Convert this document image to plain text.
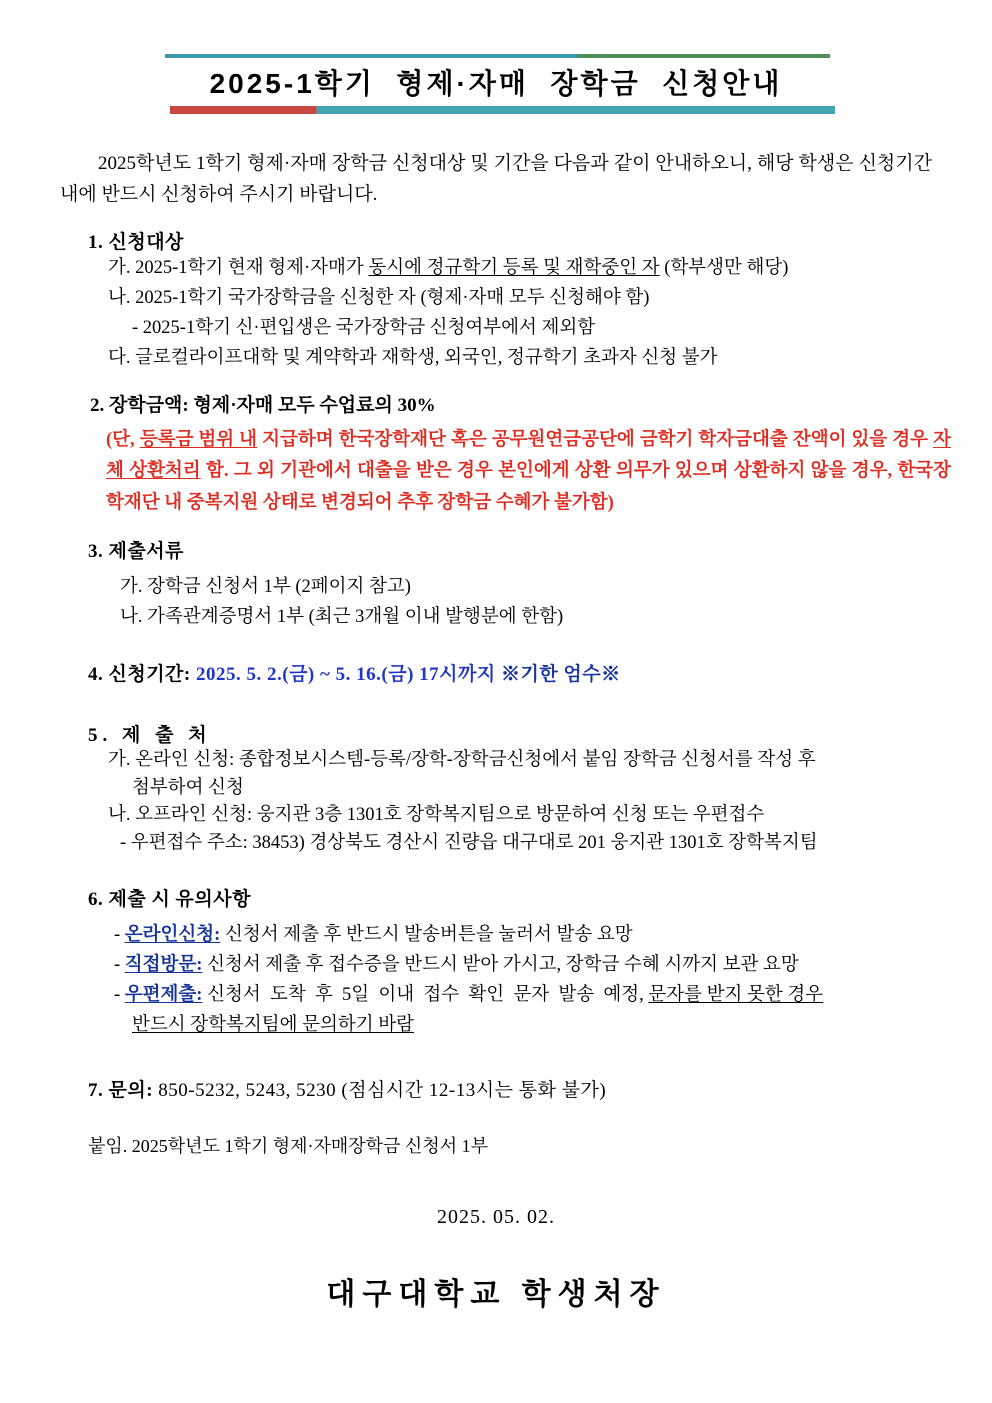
2025-1학기  형제·자매  장학금  신청안내

2025학년도 1학기 형제·자매 장학금 신청대상 및 기간을 다음과 같이 안내하오니, 해당 학생은 신청기간 내에 반드시 신청하여 주시기 바랍니다.

1. 신청대상
가. 2025-1학기 현재 형제·자매가 동시에 정규학기 등록 및 재학중인 자 (학부생만 해당)
나. 2025-1학기 국가장학금을 신청한 자 (형제·자매 모두 신청해야 함)
- 2025-1학기 신·편입생은 국가장학금 신청여부에서 제외함
다. 글로컬라이프대학 및 계약학과 재학생, 외국인, 정규학기 초과자 신청 불가
2. 장학금액: 형제·자매 모두 수업료의 30%
(단, 등록금 범위 내 지급하며 한국장학재단 혹은 공무원연금공단에 금학기 학자금대출 잔액이 있을 경우 자체 상환처리 함. 그 외 기관에서 대출을 받은 경우 본인에게 상환 의무가 있으며 상환하지 않을 경우, 한국장학재단 내 중복지원 상태로 변경되어 추후 장학금 수혜가 불가함)
3. 제출서류
가. 장학금 신청서 1부 (2페이지 참고)
나. 가족관계증명서 1부 (최근 3개월 이내 발행분에 한함)
4. 신청기간: 2025. 5. 2.(금) ~ 5. 16.(금) 17시까지 ※기한 엄수※
5. 제 출 처
가. 온라인 신청: 종합정보시스템-등록/장학-장학금신청에서 붙임 장학금 신청서를 작성 후
첨부하여 신청
나. 오프라인 신청: 웅지관 3층 1301호 장학복지팀으로 방문하여 신청 또는 우편접수
- 우편접수 주소: 38453) 경상북도 경산시 진량읍 대구대로 201 웅지관 1301호 장학복지팀
6. 제출 시 유의사항
- 온라인신청: 신청서 제출 후 반드시 발송버튼을 눌러서 발송 요망
- 직접방문: 신청서 제출 후 접수증을 반드시 받아 가시고, 장학금 수혜 시까지 보관 요망
- 우편제출: 신청서  도착  후  5일  이내  접수  확인  문자  발송  예정, 문자를 받지 못한 경우
반드시 장학복지팀에 문의하기 바람
7. 문의: 850-5232, 5243, 5230 (점심시간 12-13시는 통화 불가)
붙임. 2025학년도 1학기 형제·자매장학금 신청서 1부
2025. 05. 02.
대구대학교 학생처장
